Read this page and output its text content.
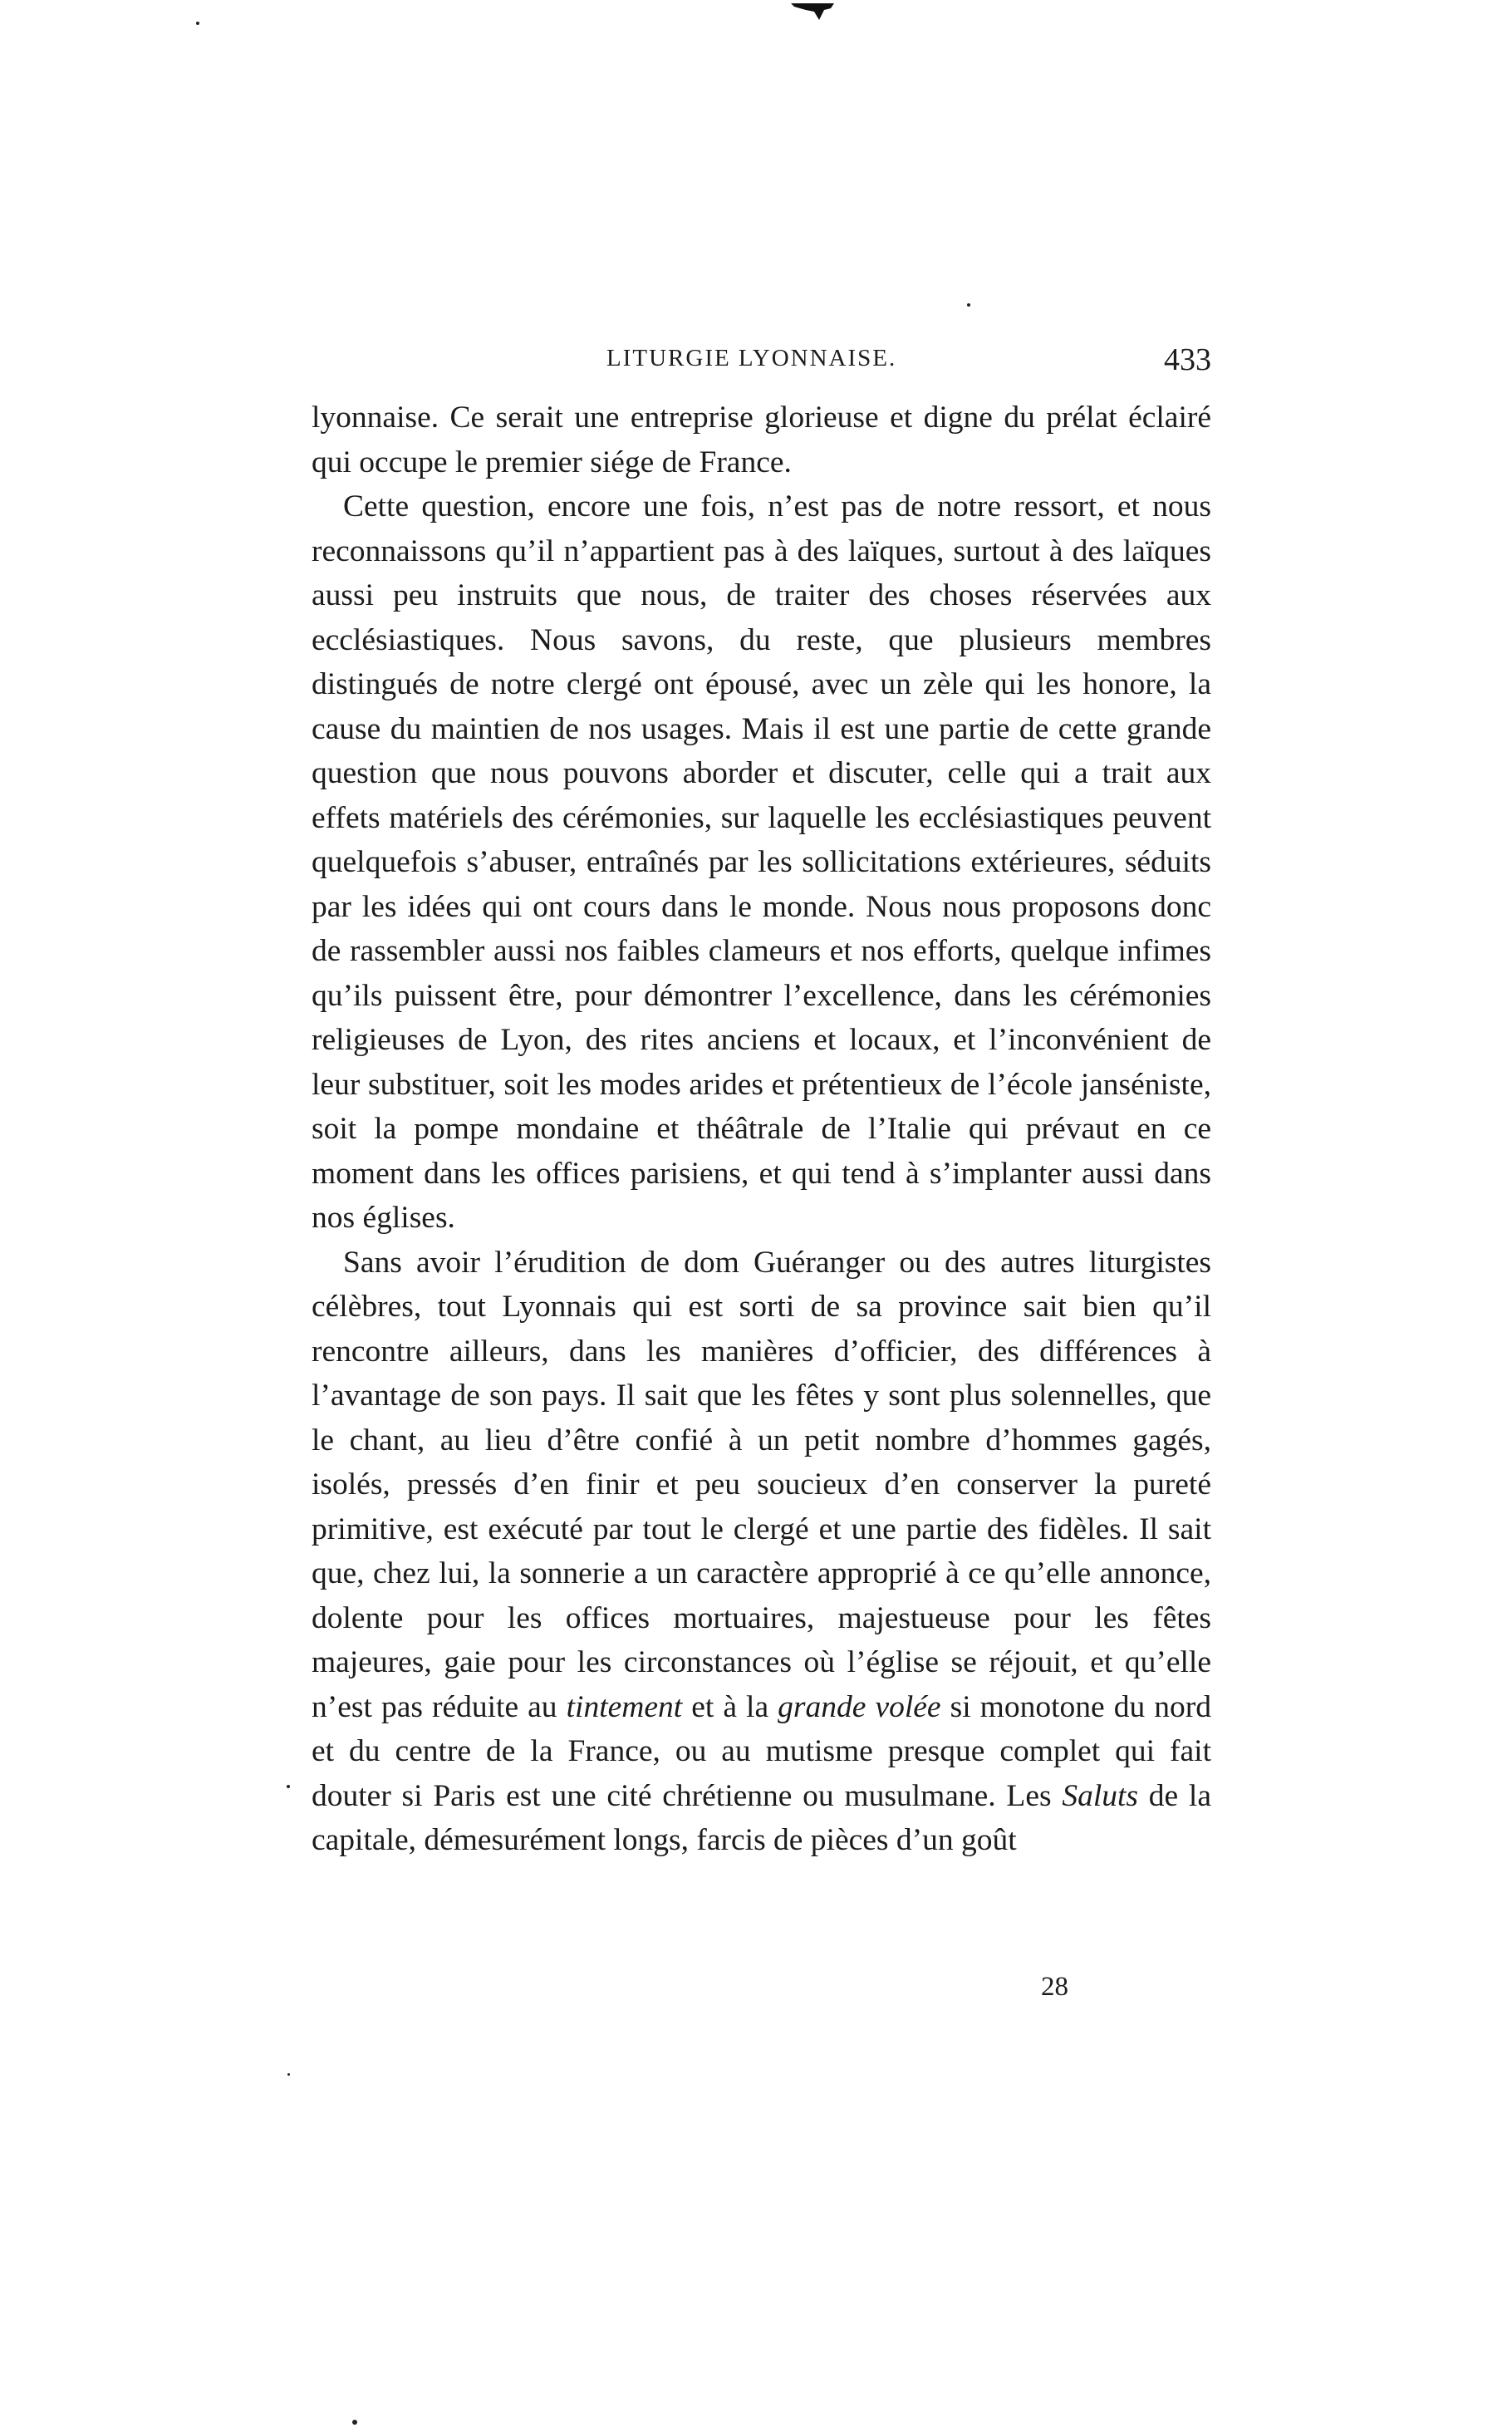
LITURGIE LYONNAISE.	433

lyonnaise. Ce serait une entreprise glorieuse et digne du prélat éclairé qui occupe le premier siége de France.

Cette question, encore une fois, n’est pas de notre ressort, et nous reconnaissons qu’il n’appartient pas à des laïques, surtout à des laïques aussi peu instruits que nous, de traiter des choses réservées aux ecclésiastiques. Nous savons, du reste, que plusieurs membres distingués de notre clergé ont épousé, avec un zèle qui les honore, la cause du maintien de nos usages. Mais il est une partie de cette grande question que nous pouvons aborder et discuter, celle qui a trait aux effets matériels des cérémonies, sur laquelle les ecclésiastiques peuvent quelquefois s’abuser, entraînés par les sollicitations extérieures, séduits par les idées qui ont cours dans le monde. Nous nous proposons donc de rassembler aussi nos faibles clameurs et nos efforts, quelque infimes qu’ils puissent être, pour démontrer l’excellence, dans les cérémonies religieuses de Lyon, des rites anciens et locaux, et l’inconvénient de leur substituer, soit les modes arides et prétentieux de l’école janséniste, soit la pompe mondaine et théâtrale de l’Italie qui prévaut en ce moment dans les offices parisiens, et qui tend à s’implanter aussi dans nos églises.

Sans avoir l’érudition de dom Guéranger ou des autres liturgistes célèbres, tout Lyonnais qui est sorti de sa province sait bien qu’il rencontre ailleurs, dans les manières d’officier, des différences à l’avantage de son pays. Il sait que les fêtes y sont plus solennelles, que le chant, au lieu d’être confié à un petit nombre d’hommes gagés, isolés, pressés d’en finir et peu soucieux d’en conserver la pureté primitive, est exécuté par tout le clergé et une partie des fidèles. Il sait que, chez lui, la sonnerie a un caractère approprié à ce qu’elle annonce, dolente pour les offices mortuaires, majestueuse pour les fêtes majeures, gaie pour les circonstances où l’église se réjouit, et qu’elle n’est pas réduite au tintement et à la grande volée si monotone du nord et du centre de la France, ou au mutisme presque complet qui fait douter si Paris est une cité chrétienne ou musulmane. Les Saluts de la capitale, démesurément longs, farcis de pièces d’un goût

28
